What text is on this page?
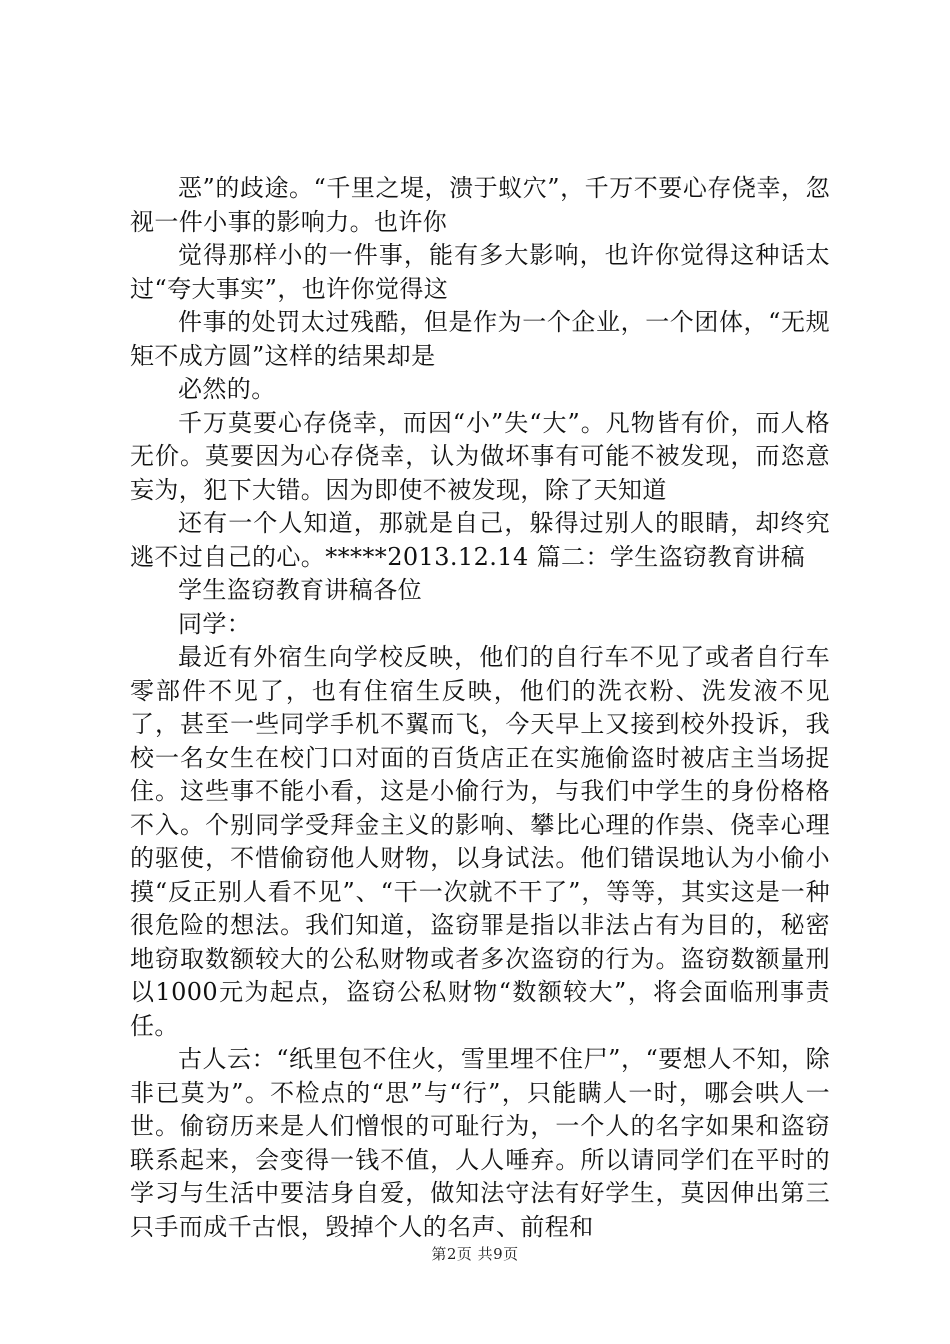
恶”的歧途。“千里之堤，溃于蚁穴”，千万不要心存侥幸，忽视一件小事的影响力。也许你

觉得那样小的一件事，能有多大影响，也许你觉得这种话太过“夸大事实”，也许你觉得这

件事的处罚太过残酷，但是作为一个企业，一个团体，“无规矩不成方圆”这样的结果却是

必然的。

千万莫要心存侥幸，而因“小”失“大”。凡物皆有价，而人格无价。莫要因为心存侥幸，认为做坏事有可能不被发现，而恣意妄为，犯下大错。因为即使不被发现，除了天知道

还有一个人知道，那就是自己，躲得过别人的眼睛，却终究逃不过自己的心。*****2013.12.14 篇二：学生盗窃教育讲稿

学生盗窃教育讲稿各位

同学：

最近有外宿生向学校反映，他们的自行车不见了或者自行车零部件不见了，也有住宿生反映，他们的洗衣粉、洗发液不见了，甚至一些同学手机不翼而飞，今天早上又接到校外投诉，我校一名女生在校门口对面的百货店正在实施偷盗时被店主当场捉住。这些事不能小看，这是小偷行为，与我们中学生的身份格格不入。个别同学受拜金主义的影响、攀比心理的作祟、侥幸心理的驱使，不惜偷窃他人财物，以身试法。他们错误地认为小偷小摸“反正别人看不见”、“干一次就不干了”，等等，其实这是一种很危险的想法。我们知道，盗窃罪是指以非法占有为目的，秘密地窃取数额较大的公私财物或者多次盗窃的行为。盗窃数额量刑以1000元为起点，盗窃公私财物“数额较大”，将会面临刑事责任。

古人云：“纸里包不住火，雪里埋不住尸”，“要想人不知，除非已莫为”。不检点的“思”与“行”，只能瞒人一时，哪会哄人一世。偷窃历来是人们憎恨的可耻行为，一个人的名字如果和盗窃联系起来，会变得一钱不值，人人唾弃。所以请同学们在平时的学习与生活中要洁身自爱，做知法守法有好学生，莫因伸出第三只手而成千古恨，毁掉个人的名声、前程和

第2页 共9页
